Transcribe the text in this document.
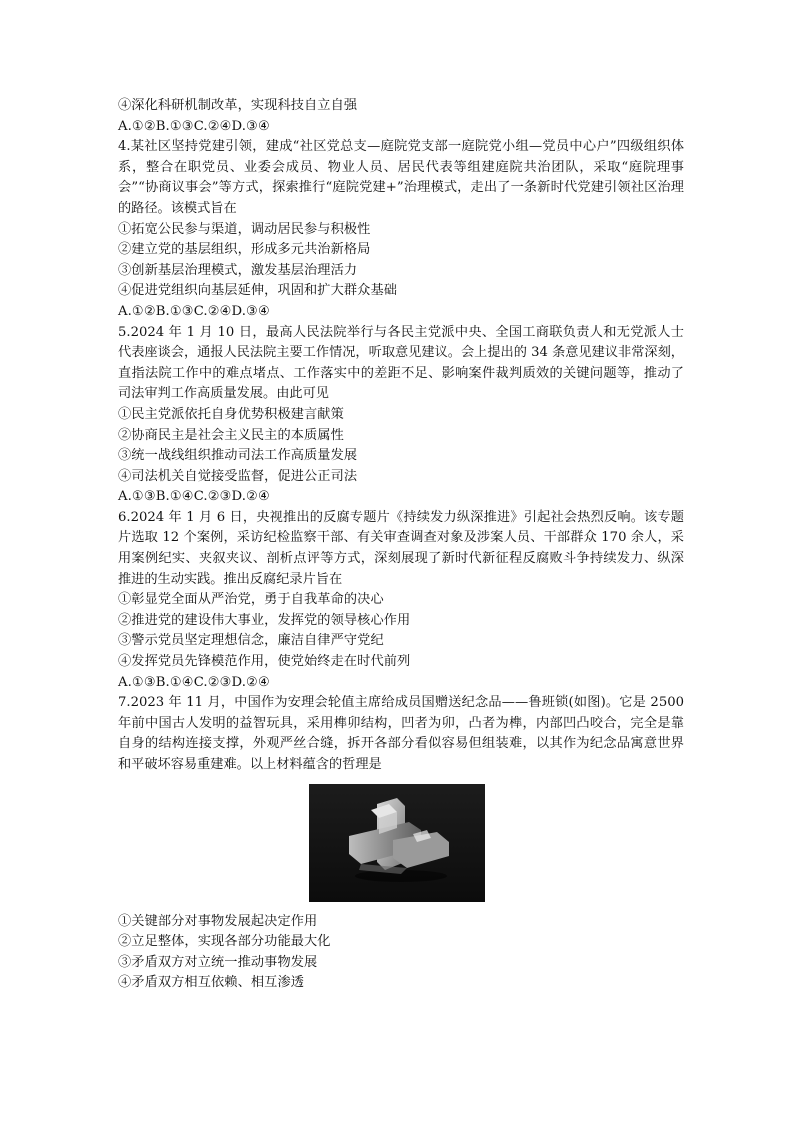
④深化科研机制改革，实现科技自立自强
A.①②B.①③C.②④D.③④

4.某社区坚持党建引领，建成“社区党总支—庭院党支部一庭院党小组—党员中心户”四级组织体系，整合在职党员、业委会成员、物业人员、居民代表等组建庭院共治团队，采取“庭院理事会”“协商议事会”等方式，探索推行“庭院党建+”治理模式，走出了一条新时代党建引领社区治理的路径。该模式旨在

①拓宽公民参与渠道，调动居民参与积极性
②建立党的基层组织，形成多元共治新格局
③创新基层治理模式，激发基层治理活力
④促进党组织向基层延伸，巩固和扩大群众基础
A.①②B.①③C.②④D.③④

5.2024 年 1 月 10 日，最高人民法院举行与各民主党派中央、全国工商联负责人和无党派人士代表座谈会，通报人民法院主要工作情况，听取意见建议。会上提出的 34 条意见建议非常深刻，直指法院工作中的难点堵点、工作落实中的差距不足、影响案件裁判质效的关键问题等，推动了司法审判工作高质量发展。由此可见

①民主党派依托自身优势积极建言献策
②协商民主是社会主义民主的本质属性
③统一战线组织推动司法工作高质量发展
④司法机关自觉接受监督，促进公正司法
A.①③B.①④C.②③D.②④

6.2024 年 1 月 6 日，央视推出的反腐专题片《持续发力纵深推进》引起社会热烈反响。该专题片选取 12 个案例，采访纪检监察干部、有关审查调查对象及涉案人员、干部群众 170 余人，采用案例纪实、夹叙夹议、剖析点评等方式，深刻展现了新时代新征程反腐败斗争持续发力、纵深推进的生动实践。推出反腐纪录片旨在

①彰显党全面从严治党，勇于自我革命的决心
②推进党的建设伟大事业，发挥党的领导核心作用
③警示党员坚定理想信念，廉洁自律严守党纪
④发挥党员先锋模范作用，使党始终走在时代前列
A.①③B.①④C.②③D.②④

7.2023 年 11 月，中国作为安理会轮值主席给成员国赠送纪念品——鲁班锁(如图)。它是 2500 年前中国古人发明的益智玩具，采用榫卯结构，凹者为卯，凸者为榫，内部凹凸咬合，完全是靠自身的结构连接支撑，外观严丝合缝，拆开各部分看似容易但组装难，以其作为纪念品寓意世界和平破坏容易重建难。以上材料蕴含的哲理是

①关键部分对事物发展起决定作用
②立足整体，实现各部分功能最大化
③矛盾双方对立统一推动事物发展
④矛盾双方相互依赖、相互渗透
